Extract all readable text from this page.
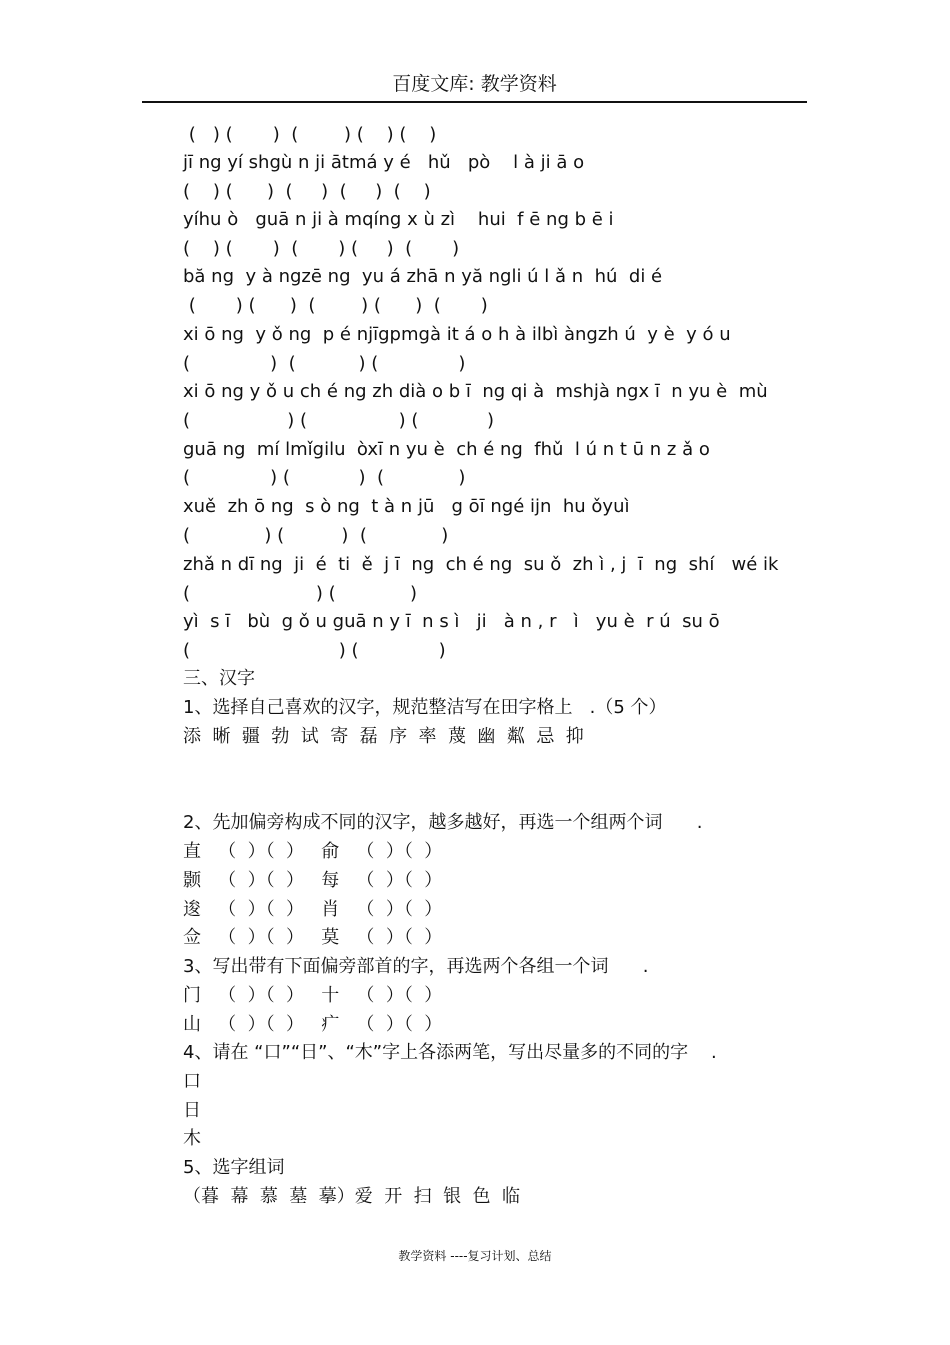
百度文库: 教学资料
(   ) (       )  (        ) (    ) (    )
jī ng yí shgù n ji ātmá y é   hǔ   pò    l à ji ā o
(    ) (      )  (     )  (     )  (    )
yíhu ò   guā n ji à mqíng x ù zì    hui  f ē ng b ē i
(    ) (       )  (       ) (     )  (       )
bă ng  y à ngzē ng  yu á zhā n yă ngli ú l ǎ n  hú  di é
(       ) (      )  (        ) (      )  (       )
xi ō ng  y ǒ ng  p é njīgpmgà it á o h à ilbì àngzh ú  y è  y ó u
(              )  (           ) (              )
xi ō ng y ǒ u ch é ng zh dià o b ī  ng qi à  mshjà ngx ī  n yu è  mù
(                 ) (                ) (            )
guā ng  mí lmǐgilu  òxī n yu è  ch é ng  fhǔ  l ú n t ū n z ǎ o
(              ) (            )  (             )
xuě  zh ō ng  s ò ng  t à n jū   g ōī ngé ijn  hu ǒyuì
(             ) (          )  (             )
zhǎ n dī ng  ji  é  ti  ě  j ī  ng  ch é ng  su ǒ  zh ì , j  ī  ng  shí   wé ik
(                      ) (             )
yì  s ī   bù  g ǒ u guā n y ī  n s ì   ji   à n , r   ì   yu è  r ú  su ō
(                          ) (              )
三、汉字
1、选择自己喜欢的汉字，规范整洁写在田字格上   .（5 个）
添  晰  疆  勃  试  寄  磊  序  率  蔑  幽  粼  忌  抑
2、先加偏旁构成不同的汉字，越多越好，再选一个组两个词      .
直   （  ）（  ）   俞   （  ）（  ）
颢   （  ）（  ）   每   （  ）（  ）
逡   （  ）（  ）   肖   （  ）（  ）
佥   （  ）（  ）   莫   （  ）（  ）
3、写出带有下面偏旁部首的字，再选两个各组一个词      .
门   （  ）（  ）   十   （  ）（  ）
山   （  ）（  ）   疒   （  ）（  ）
4、请在 “口”“日”、“木”字上各添两笔，写出尽量多的不同的字    .
口
日
木
5、选字组词
（暮  幕  慕  墓  摹）爱  开  扫  银  色  临
教学资料 ----复习计划、总结
